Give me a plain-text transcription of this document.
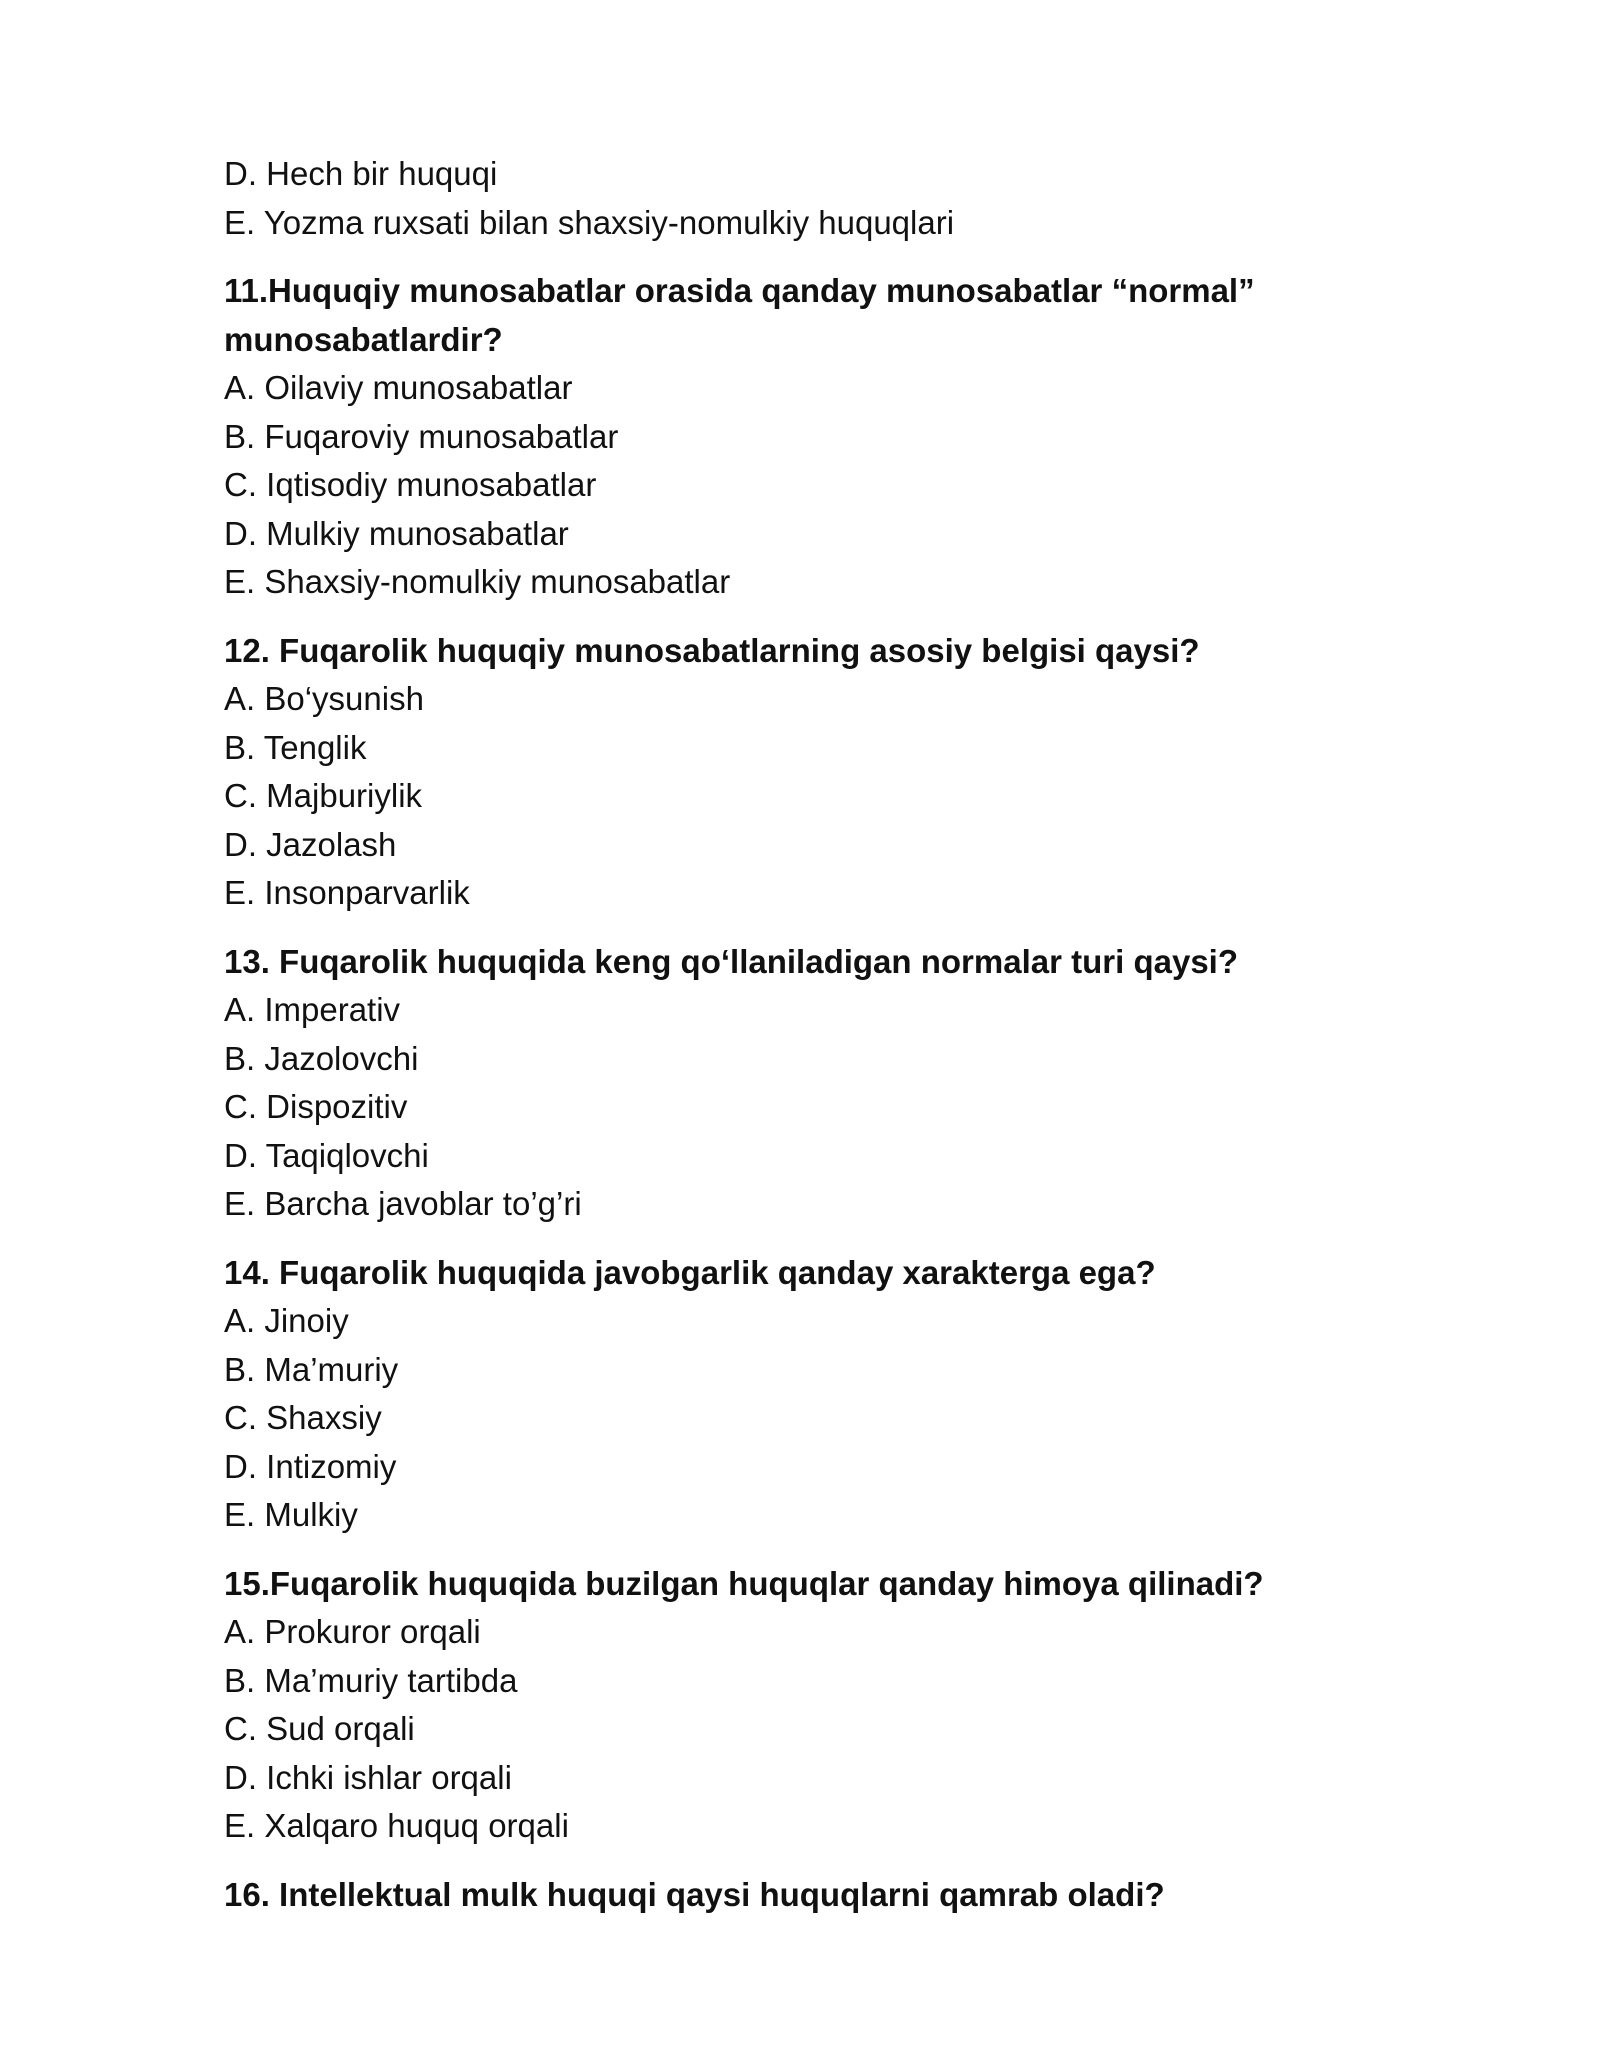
D. Hech bir huquqi
E. Yozma ruxsati bilan shaxsiy-nomulkiy huquqlari
11.Huquqiy munosabatlar orasida qanday munosabatlar “normal” munosabatlardir?
A. Oilaviy munosabatlar
B. Fuqaroviy munosabatlar
C. Iqtisodiy munosabatlar
D. Mulkiy munosabatlar
E. Shaxsiy-nomulkiy munosabatlar
12. Fuqarolik huquqiy munosabatlarning asosiy belgisi qaysi?
A. Bo‘ysunish
B. Tenglik
C. Majburiylik
D. Jazolash
E. Insonparvarlik
13. Fuqarolik huquqida keng qo‘llaniladigan normalar turi qaysi?
A. Imperativ
B. Jazolovchi
C. Dispozitiv
D. Taqiqlovchi
E. Barcha javoblar to’g’ri
14. Fuqarolik huquqida javobgarlik qanday xarakterga ega?
A. Jinoiy
B. Ma’muriy
C. Shaxsiy
D. Intizomiy
E. Mulkiy
15.Fuqarolik huquqida buzilgan huquqlar qanday himoya qilinadi?
A. Prokuror orqali
B. Ma’muriy tartibda
C. Sud orqali
D. Ichki ishlar orqali
E. Xalqaro huquq orqali
16. Intellektual mulk huquqi qaysi huquqlarni qamrab oladi?
